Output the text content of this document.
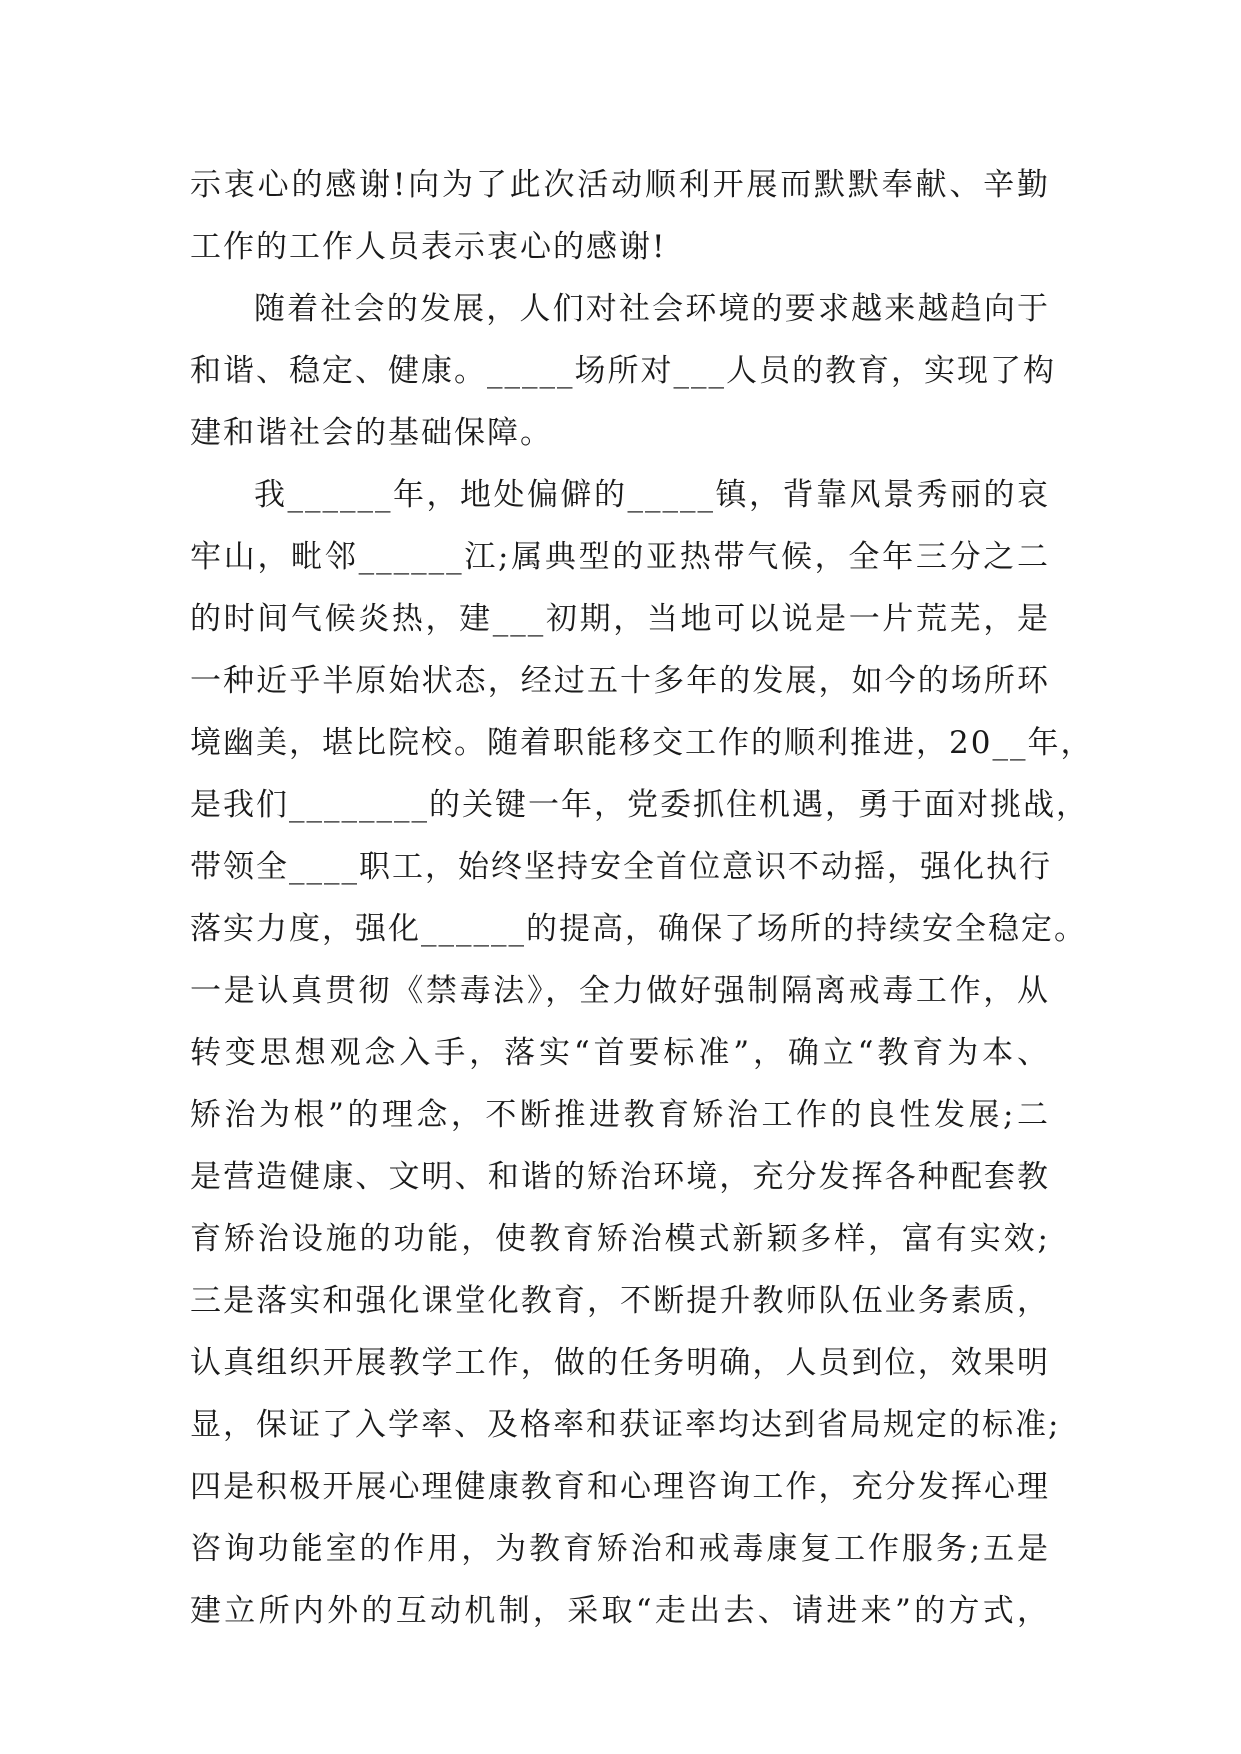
示衷心的感谢!向为了此次活动顺利开展而默默奉献、辛勤
工作的工作人员表示衷心的感谢!
随着社会的发展，人们对社会环境的要求越来越趋向于
和谐、稳定、健康。_____场所对___人员的教育，实现了构
建和谐社会的基础保障。
我______年，地处偏僻的_____镇，背靠风景秀丽的哀
牢山，毗邻______江;属典型的亚热带气候，全年三分之二
的时间气候炎热，建___初期，当地可以说是一片荒芜，是
一种近乎半原始状态，经过五十多年的发展，如今的场所环
境幽美，堪比院校。随着职能移交工作的顺利推进，20__年，
是我们________的关键一年，党委抓住机遇，勇于面对挑战，
带领全____职工，始终坚持安全首位意识不动摇，强化执行
落实力度，强化______的提高，确保了场所的持续安全稳定。
一是认真贯彻《禁毒法》，全力做好强制隔离戒毒工作，从
转变思想观念入手，落实“首要标准”，确立“教育为本、
矫治为根”的理念，不断推进教育矫治工作的良性发展;二
是营造健康、文明、和谐的矫治环境，充分发挥各种配套教
育矫治设施的功能，使教育矫治模式新颖多样，富有实效;
三是落实和强化课堂化教育，不断提升教师队伍业务素质，
认真组织开展教学工作，做的任务明确，人员到位，效果明
显，保证了入学率、及格率和获证率均达到省局规定的标准;
四是积极开展心理健康教育和心理咨询工作，充分发挥心理
咨询功能室的作用，为教育矫治和戒毒康复工作服务;五是
建立所内外的互动机制，采取“走出去、请进来”的方式，
